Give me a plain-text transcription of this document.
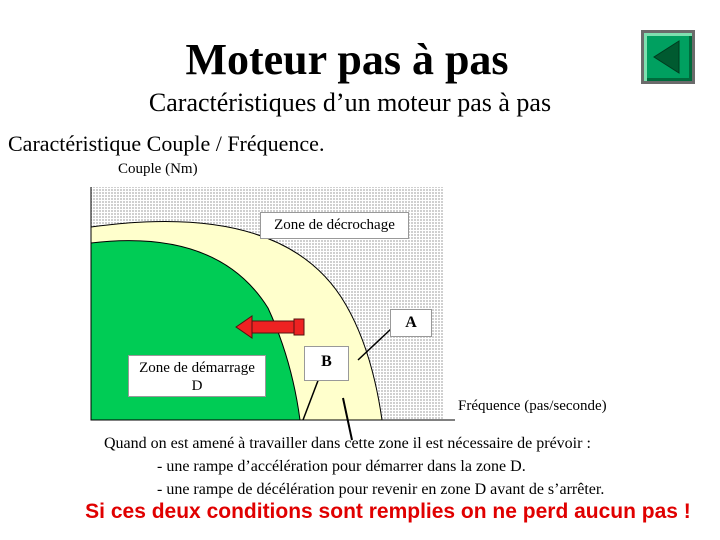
Moteur pas à pas
Caractéristiques d’un moteur pas à pas
Caractéristique Couple / Fréquence.
Couple (Nm)
Fréquence (pas/seconde)
Zone de décrochage
A
B
Zone de démarrage
D
Quand on est amené à travailler dans cette zone il est nécessaire de prévoir :
- une rampe d’accélération pour démarrer dans la zone D.
- une rampe de décélération pour revenir en zone D avant de s’arrêter.
Si ces deux conditions sont remplies on ne perd aucun pas !
